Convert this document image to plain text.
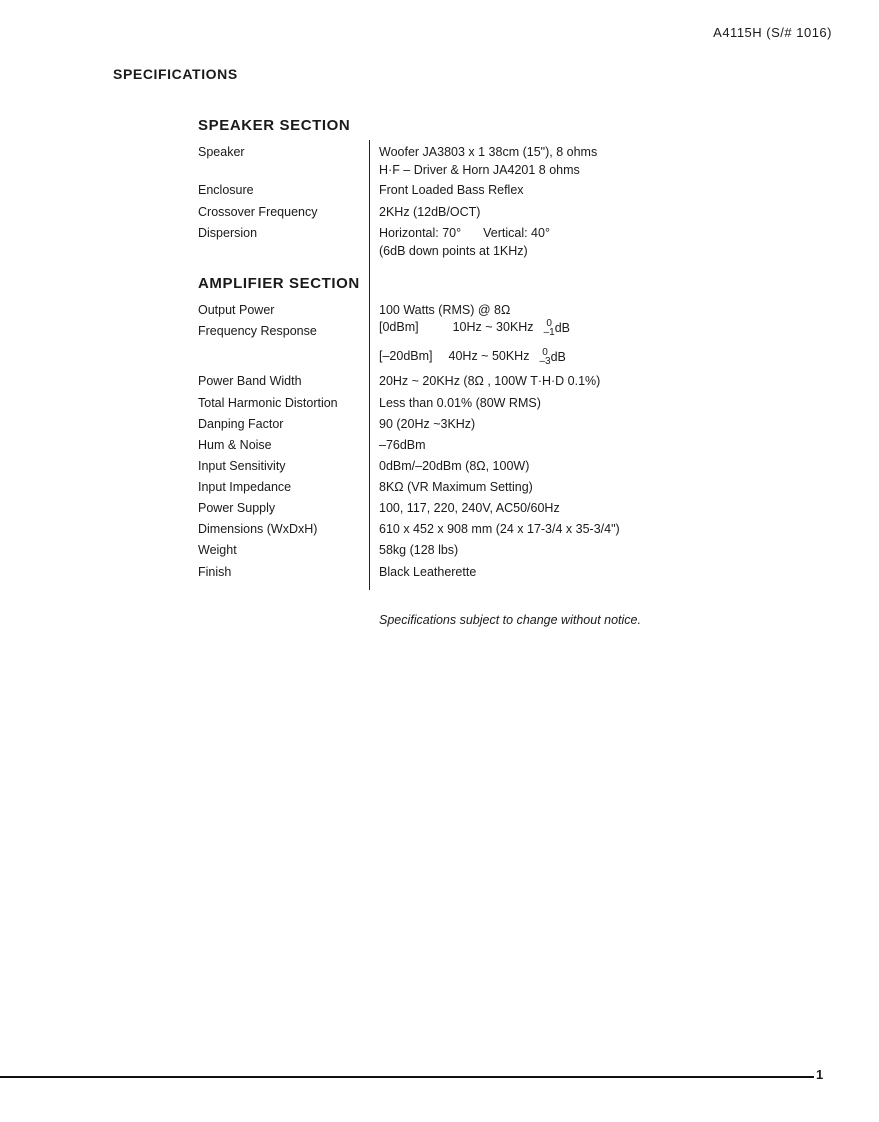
A4115H (S/# 1016)
SPECIFICATIONS
SPEAKER SECTION
Speaker	Woofer JA3803 x 1 38cm (15"), 8 ohms
H·F – Driver & Horn JA4201 8 ohms
Enclosure	Front Loaded Bass Reflex
Crossover Frequency	2KHz (12dB/OCT)
Dispersion	Horizontal: 70° Vertical: 40°
(6dB down points at 1KHz)
AMPLIFIER SECTION
Output Power	100 Watts (RMS) @ 8Ω
Frequency Response	[0dBm]	10Hz ~ 30KHz 0
–1 dB
[–20dBm] 40Hz ~ 50KHz 0
–3 dB
Power Band Width	20Hz ~ 20KHz (8Ω , 100W T·H·D 0.1%)
Total Harmonic Distortion	Less than 0.01% (80W RMS)
Danping Factor	90 (20Hz ~3KHz)
Hum & Noise	–76dBm
Input Sensitivity	0dBm/–20dBm (8Ω, 100W)
Input Impedance	8KΩ (VR Maximum Setting)
Power Supply	100, 117, 220, 240V, AC50/60Hz
Dimensions (WxDxH)	610 x 452 x 908 mm (24 x 17-3/4 x 35-3/4")
Weight	58kg (128 lbs)
Finish	Black Leatherette
Specifications subject to change without notice.
1
